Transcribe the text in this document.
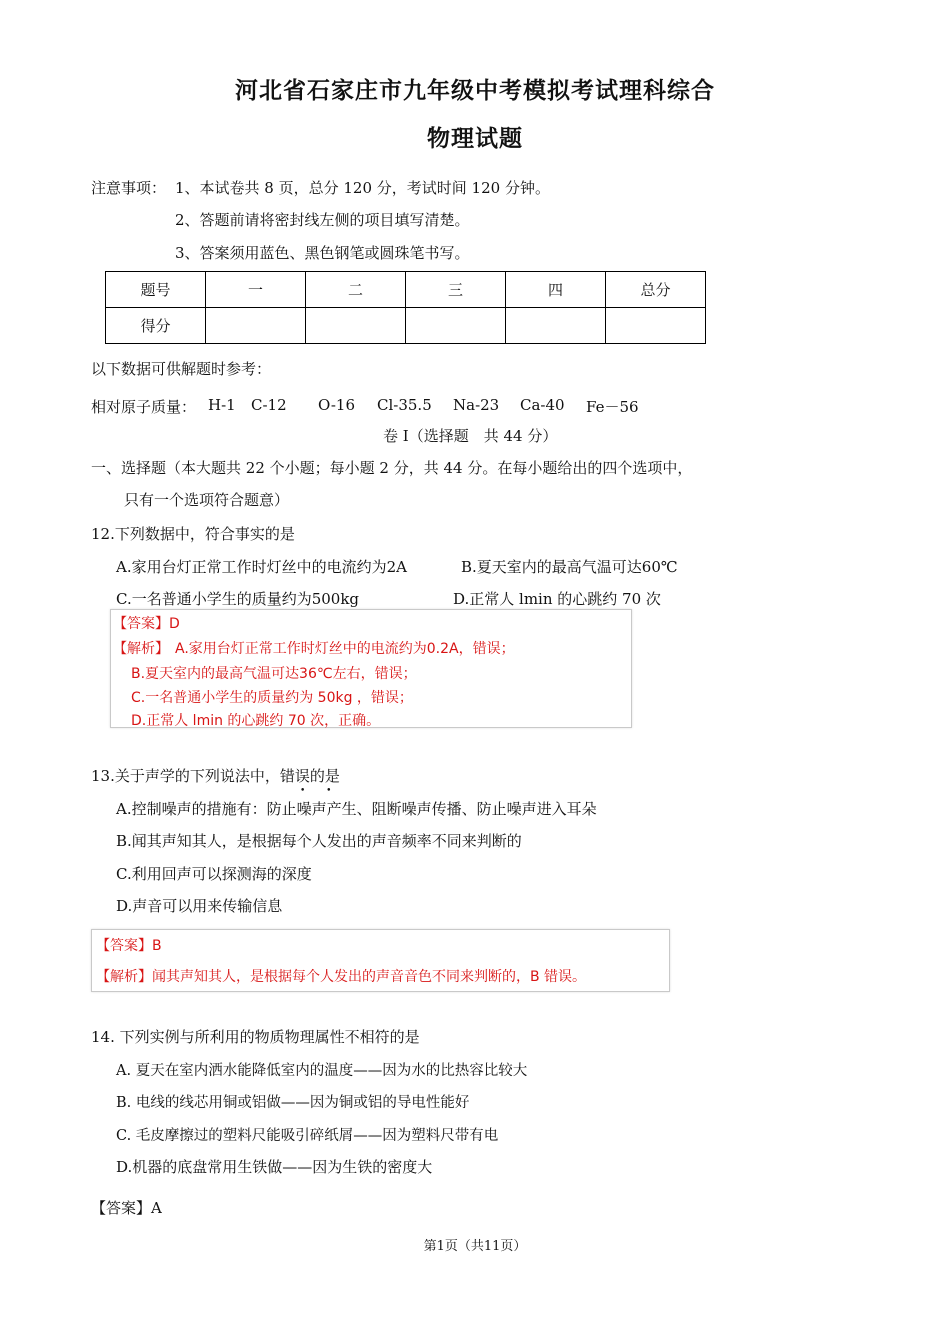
河北省石家庄市九年级中考模拟考试理科综合
物理试题
注意事项： 1、本试卷共 8 页，总分 120 分，考试时间 120 分钟。
2、答题前请将密封线左侧的项目填写清楚。
3、答案须用蓝色、黑色钢笔或圆珠笔书写。
题号	一	二	三	四	总分
得分					
以下数据可供解题时参考：
相对原子质量： H-1 C-12 O-16 Cl-35.5 Na-23 Ca-40 Fe－56
卷 I（选择题　共 44 分）
一、选择题（本大题共 22 个小题；每小题 2 分，共 44 分。在每小题给出的四个选项中，
只有一个选项符合题意）
12.下列数据中，符合事实的是
A.家用台灯正常工作时灯丝中的电流约为2A	B.夏天室内的最高气温可达60℃
C.一名普通小学生的质量约为500kg	D.正常人 lmin 的心跳约 70 次
【答案】D
【解析】 A.家用台灯正常工作时灯丝中的电流约为0.2A，错误；
B.夏天室内的最高气温可达36℃左右，错误；
C.一名普通小学生的质量约为 50kg ，错误；
D.正常人 lmin 的心跳约 70 次，正确。
13.关于声学的下列说法中，错误的是
• •
A.控制噪声的措施有：防止噪声产生、阻断噪声传播、防止噪声进入耳朵
B.闻其声知其人，是根据每个人发出的声音频率不同来判断的
C.利用回声可以探测海的深度
D.声音可以用来传输信息
【答案】B
【解析】闻其声知其人，是根据每个人发出的声音音色不同来判断的，B 错误。
14. 下列实例与所利用的物质物理属性不相符的是
A. 夏天在室内洒水能降低室内的温度——因为水的比热容比较大
B. 电线的线芯用铜或铝做——因为铜或铝的导电性能好
C. 毛皮摩擦过的塑料尺能吸引碎纸屑——因为塑料尺带有电
D.机器的底盘常用生铁做——因为生铁的密度大
【答案】A
第1页（共11页）
